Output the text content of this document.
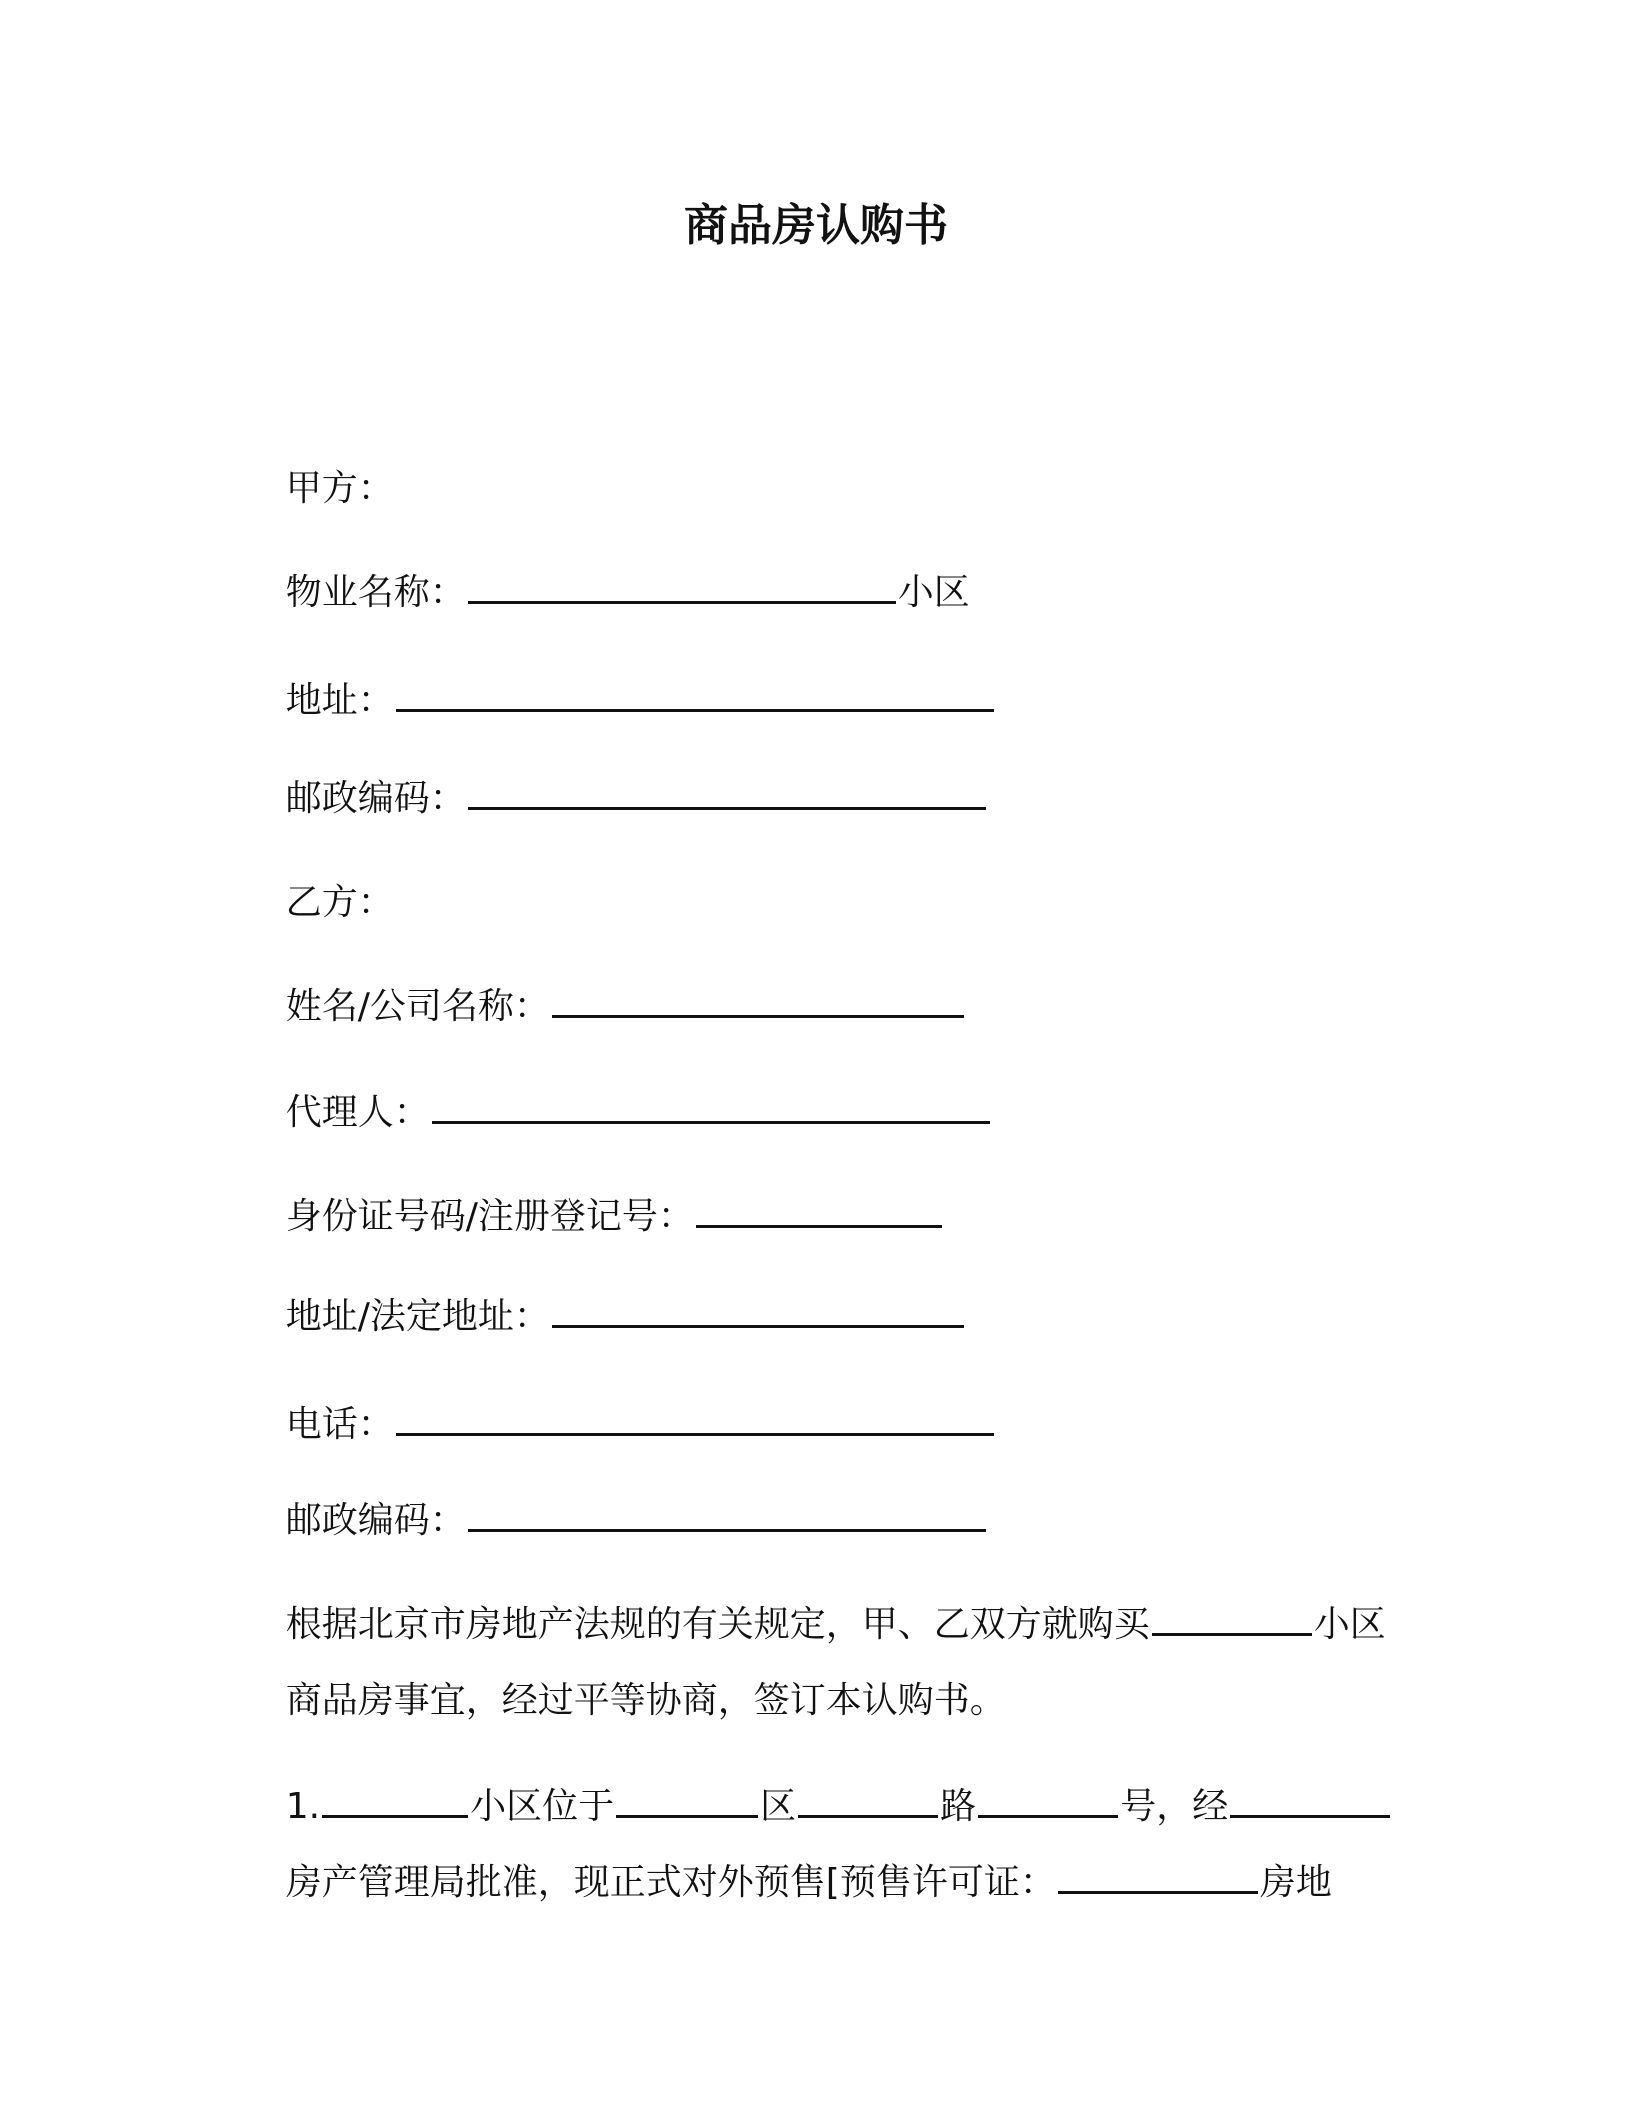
商品房认购书

甲方：

物业名称：	小区

地址：

邮政编码：

乙方：

姓名/公司名称：

代理人：

身份证号码/注册登记号：

地址/法定地址：

电话：

邮政编码：

根据北京市房地产法规的有关规定，甲、乙双方就购买	小区

商品房事宜，经过平等协商，签订本认购书。

1.	小区位于	区	路	号，经

房产管理局批准，现正式对外预售[预售许可证：	房地
